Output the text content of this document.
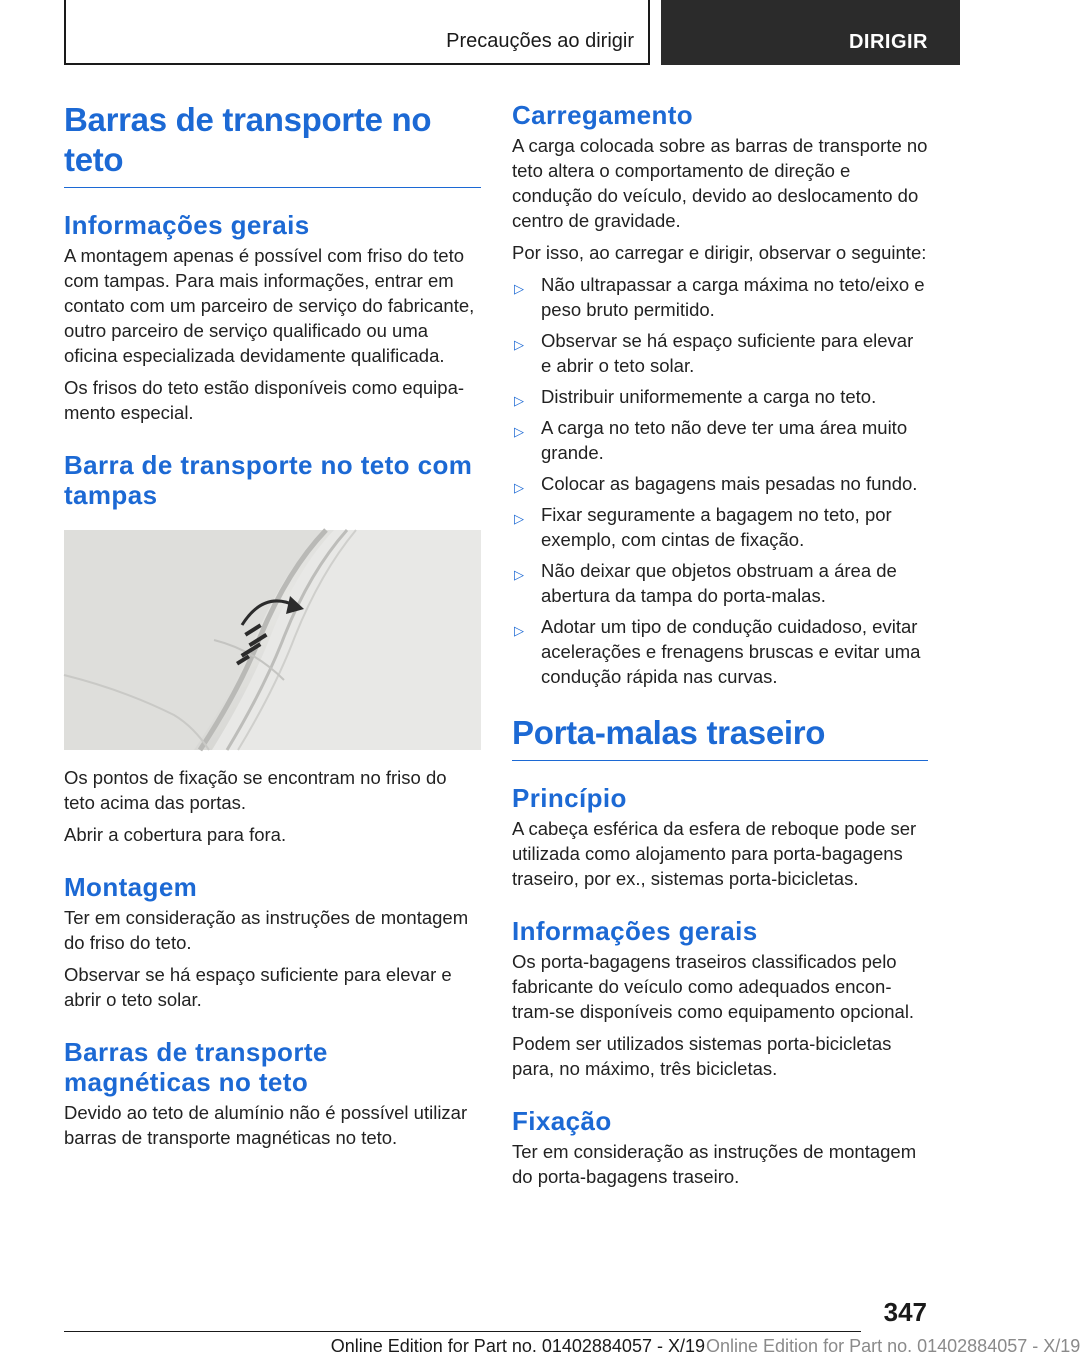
Precauções ao dirigir	DIRIGIR
Barras de transporte no teto
Informações gerais

A montagem apenas é possível com friso do teto com tampas. Para mais informações, entrar em contato com um parceiro de serviço do fabricante, outro parceiro de serviço qualificado ou uma oficina especializada devidamente qualificada.

Os frisos do teto estão disponíveis como equipamento especial.

Barra de transporte no teto com tampas

Os pontos de fixação se encontram no friso do teto acima das portas.

Abrir a cobertura para fora.

Montagem

Ter em consideração as instruções de montagem do friso do teto.

Observar se há espaço suficiente para elevar e abrir o teto solar.

Barras de transporte magnéticas no teto

Devido ao teto de alumínio não é possível utilizar barras de transporte magnéticas no teto.

Carregamento

A carga colocada sobre as barras de transporte no teto altera o comportamento de direção e condução do veículo, devido ao deslocamento do centro de gravidade.

Por isso, ao carregar e dirigir, observar o seguinte:

▷ Não ultrapassar a carga máxima no teto/eixo e peso bruto permitido.
▷ Observar se há espaço suficiente para elevar e abrir o teto solar.
▷ Distribuir uniformemente a carga no teto.
▷ A carga no teto não deve ter uma área muito grande.
▷ Colocar as bagagens mais pesadas no fundo.
▷ Fixar seguramente a bagagem no teto, por exemplo, com cintas de fixação.
▷ Não deixar que objetos obstruam a área de abertura da tampa do porta-malas.
▷ Adotar um tipo de condução cuidadoso, evitar acelerações e frenagens bruscas e evitar uma condução rápida nas curvas.
Porta-malas traseiro
Princípio

A cabeça esférica da esfera de reboque pode ser utilizada como alojamento para porta-bagagens traseiro, por ex., sistemas porta-bicicletas.

Informações gerais

Os porta-bagagens traseiros classificados pelo fabricante do veículo como adequados encontram-se disponíveis como equipamento opcional.

Podem ser utilizados sistemas porta-bicicletas para, no máximo, três bicicletas.

Fixação

Ter em consideração as instruções de montagem do porta-bagagens traseiro.

347
Online Edition for Part no. 01402884057 - X/19 Online Edition for Part no. 01402884057 - X/19
